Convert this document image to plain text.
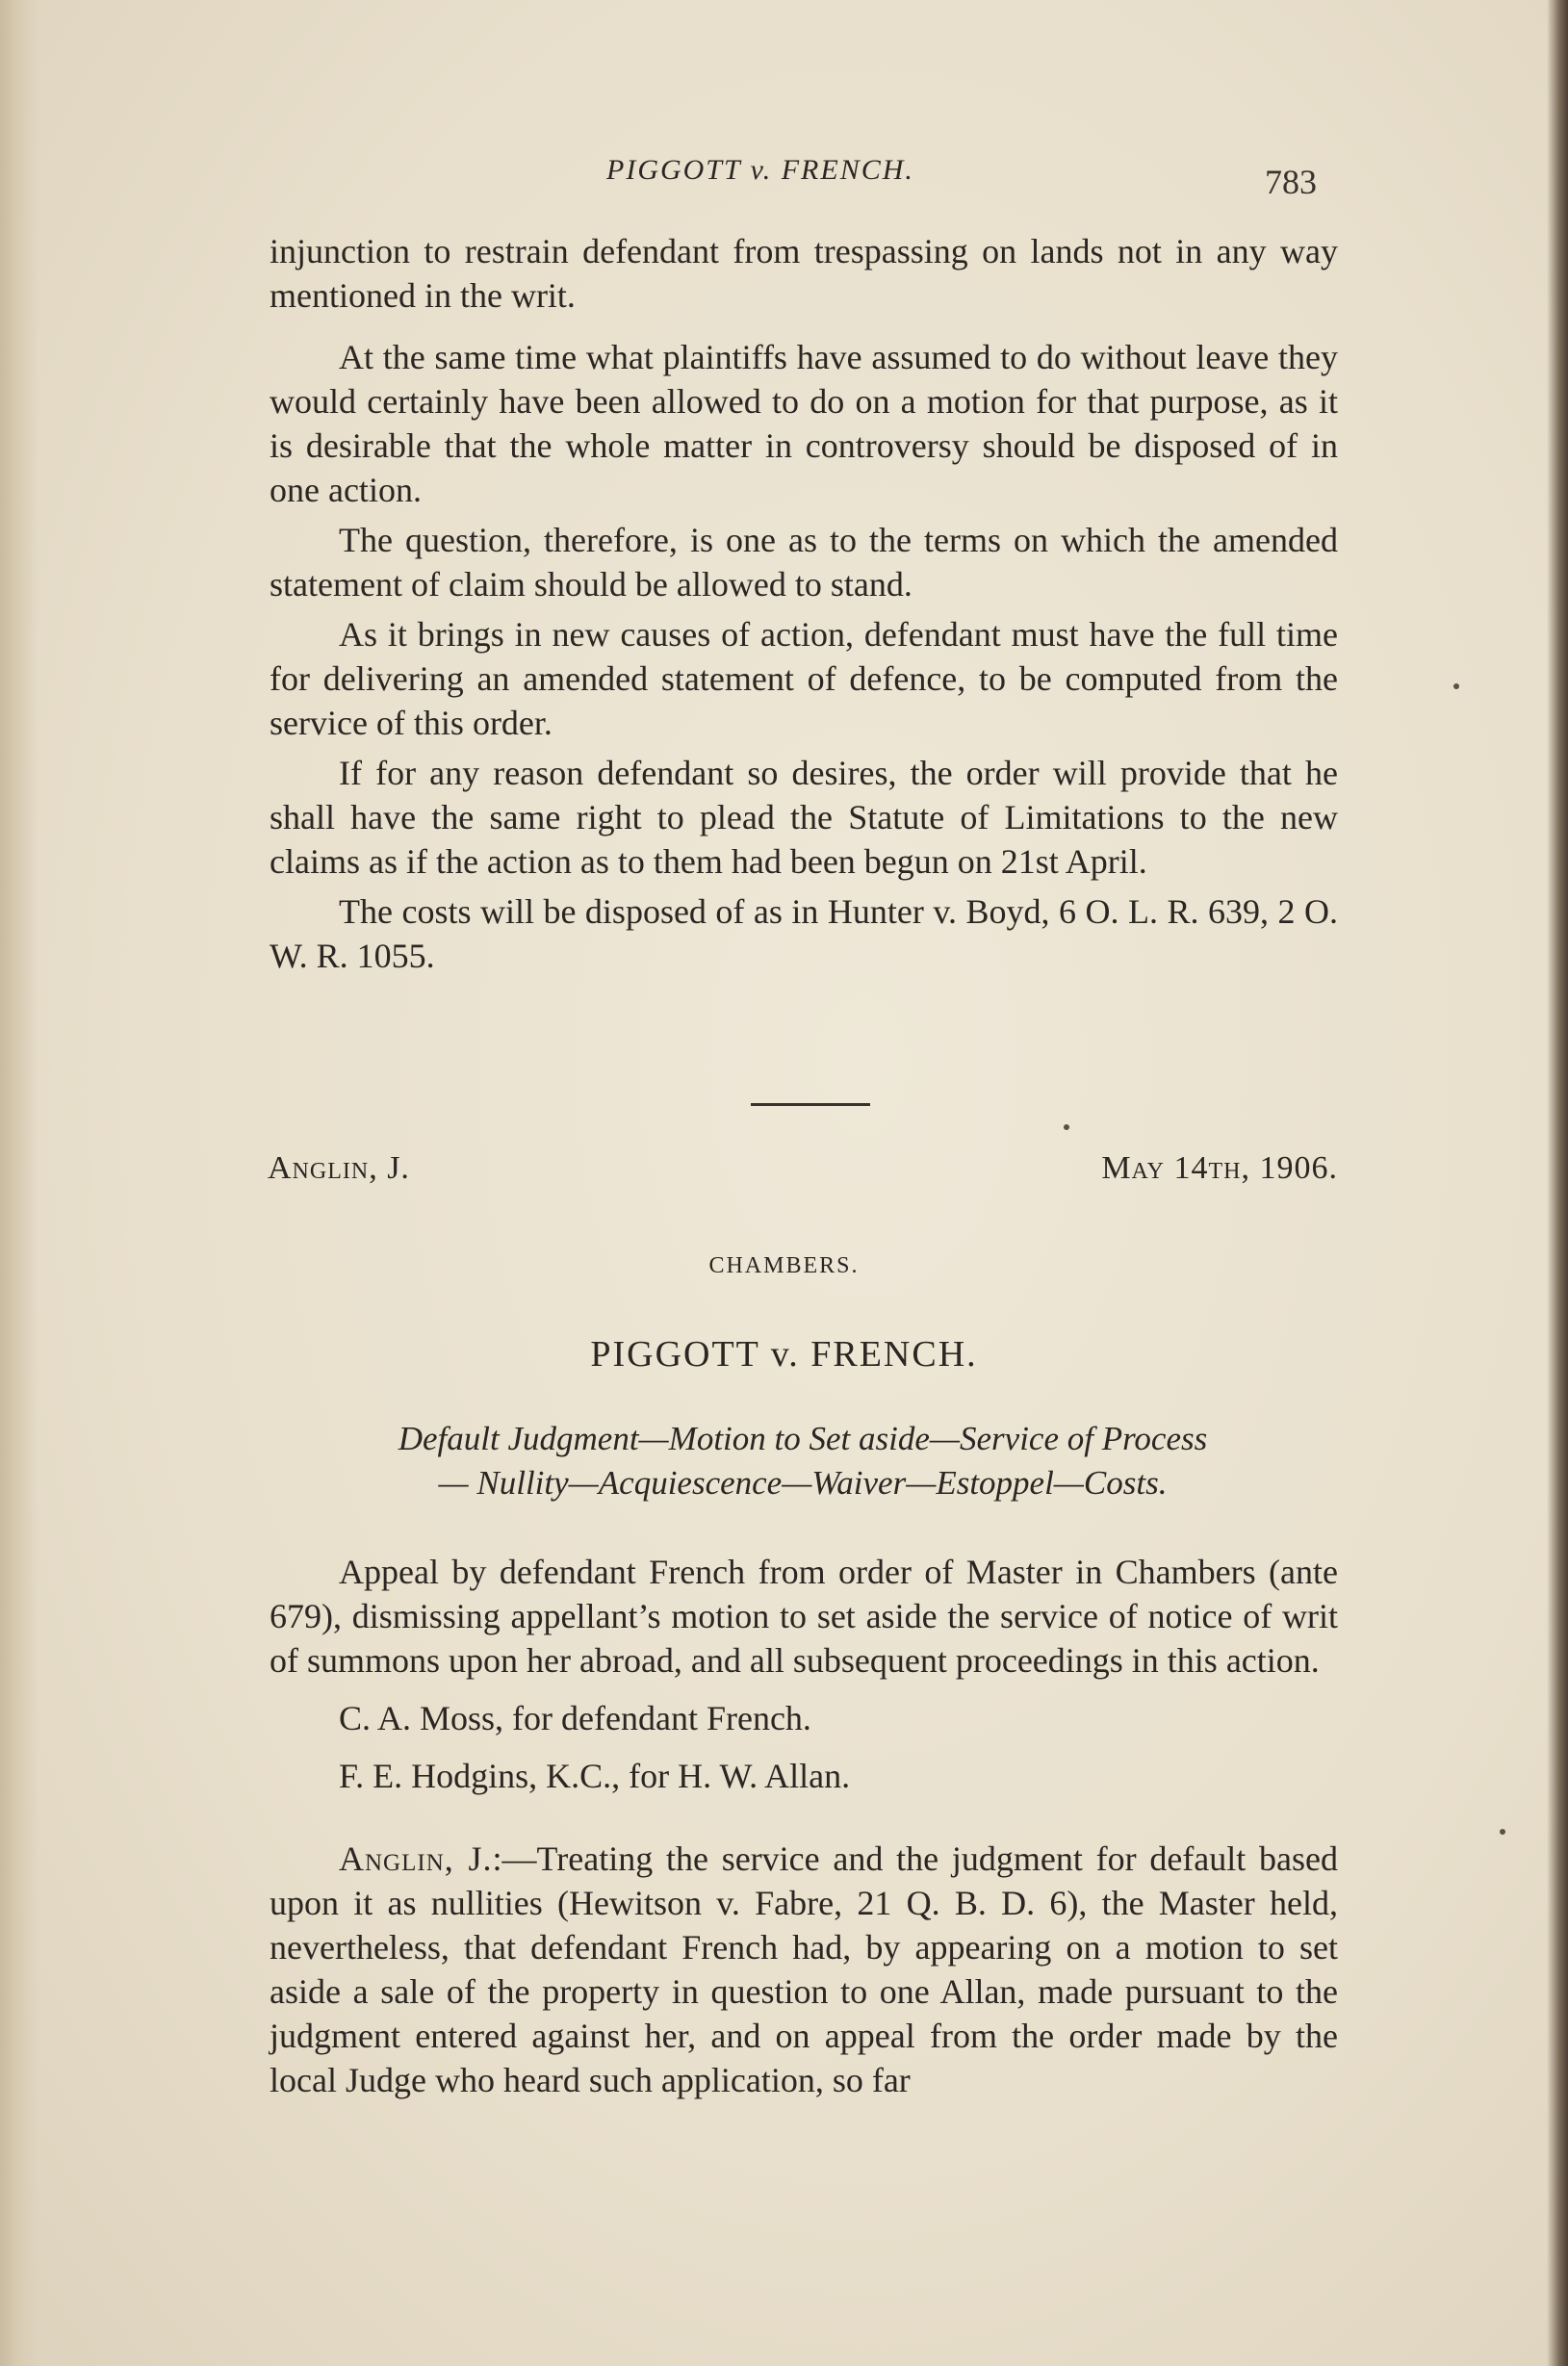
PIGGOTT v. FRENCH.	783

injunction to restrain defendant from trespassing on lands not in any way mentioned in the writ.

At the same time what plaintiffs have assumed to do without leave they would certainly have been allowed to do on a motion for that purpose, as it is desirable that the whole matter in controversy should be disposed of in one action.

The question, therefore, is one as to the terms on which the amended statement of claim should be allowed to stand.

As it brings in new causes of action, defendant must have the full time for delivering an amended statement of defence, to be computed from the service of this order.

If for any reason defendant so desires, the order will provide that he shall have the same right to plead the Statute of Limitations to the new claims as if the action as to them had been begun on 21st April.

The costs will be disposed of as in Hunter v. Boyd, 6 O. L. R. 639, 2 O. W. R. 1055.

Anglin, J.	May 14th, 1906.
CHAMBERS.
PIGGOTT v. FRENCH.
Default Judgment—Motion to Set aside—Service of Process
— Nullity—Acquiescence—Waiver—Estoppel—Costs.

Appeal by defendant French from order of Master in Chambers (ante 679), dismissing appellant’s motion to set aside the service of notice of writ of summons upon her abroad, and all subsequent proceedings in this action.

C. A. Moss, for defendant French.

F. E. Hodgins, K.C., for H. W. Allan.

Anglin, J.:—Treating the service and the judgment for default based upon it as nullities (Hewitson v. Fabre, 21 Q. B. D. 6), the Master held, nevertheless, that defendant French had, by appearing on a motion to set aside a sale of the property in question to one Allan, made pursuant to the judgment entered against her, and on appeal from the order made by the local Judge who heard such application, so far
